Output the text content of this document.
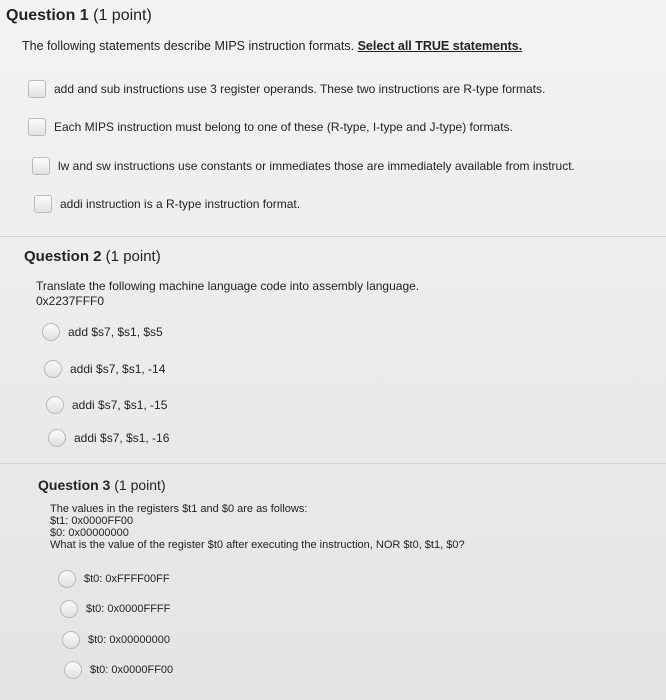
Question 1 (1 point)
The following statements describe MIPS instruction formats. Select all TRUE statements.
add and sub instructions use 3 register operands. These two instructions are R-type formats.
Each MIPS instruction must belong to one of these (R-type, I-type and J-type) formats.
lw and sw instructions use constants or immediates those are immediately available from instruct.
addi instruction is a R-type instruction format.
Question 2 (1 point)
Translate the following machine language code into assembly language.
0x2237FFF0
add $s7, $s1, $s5
addi $s7, $s1, -14
addi $s7, $s1, -15
addi $s7, $s1, -16
Question 3 (1 point)
The values in the registers $t1 and $0 are as follows:
$t1: 0x0000FF00
$0: 0x00000000
What is the value of the register $t0 after executing the instruction, NOR $t0, $t1, $0?
$t0: 0xFFFF00FF
$t0: 0x0000FFFF
$t0: 0x00000000
$t0: 0x0000FF00
